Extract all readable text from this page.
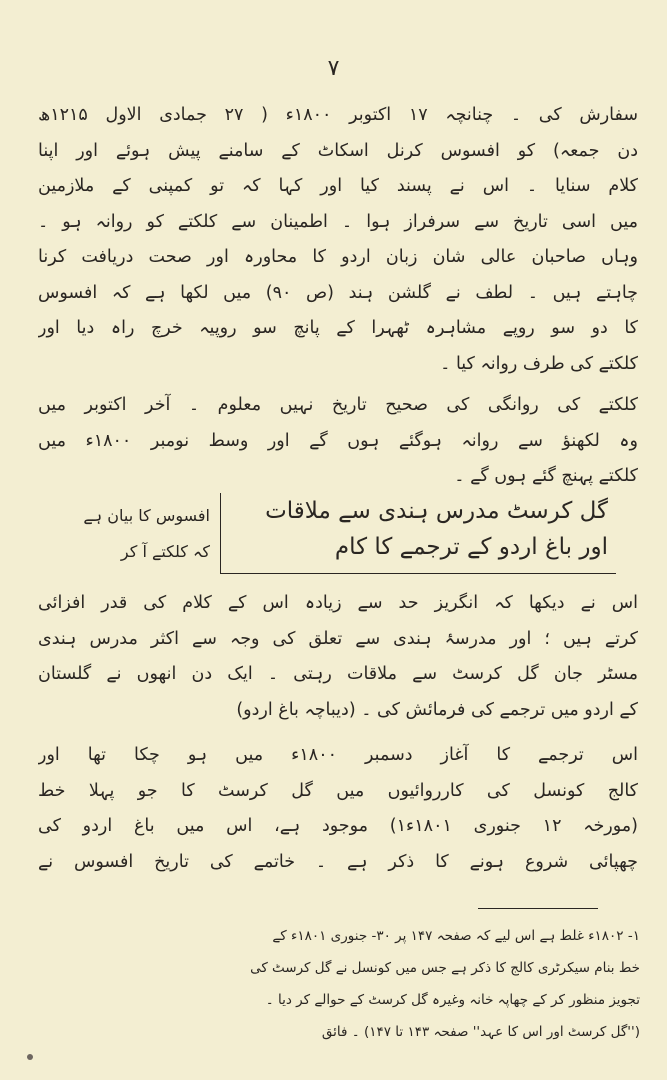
۷
سفارش کی ۔ چنانچہ ۱۷ اکتوبر ۱۸۰۰ء ( ۲۷ جمادی الاول ۱۲۱۵ھ
دن جمعہ) کو افسوس کرنل اسکاٹ کے سامنے پیش ہوئے اور اپنا
کلام سنایا ۔ اس نے پسند کیا اور کہا کہ تو کمپنی کے ملازمین
میں اسی تاریخ سے سرفراز ہوا ۔ اطمینان سے کلکتے کو روانہ ہو ۔
وہاں صاحبان عالی شان زبان اردو کا محاورہ اور صحت دریافت کرنا
چاہتے ہیں ۔ لطف نے گلشن ہند (ص ۹۰) میں لکھا ہے کہ افسوس
کا دو سو روپے مشاہرہ ٹھہرا کے پانچ سو روپیہ خرچ راہ دیا اور
کلکتے کی طرف روانہ کیا ۔
کلکتے کی روانگی کی صحیح تاریخ نہیں معلوم ۔ آخر اکتوبر میں
وہ لکھنؤ سے روانہ ہوگئے ہوں گے اور وسط نومبر ۱۸۰۰ء میں
کلکتے پہنچ گئے ہوں گے ۔
گل کرسٹ مدرس ہندی سے ملاقات
اور باغ اردو کے ترجمے کا کام
افسوس کا بیان ہے
کہ کلکتے آ کر
اس نے دیکھا کہ انگریز حد سے زیادہ اس کے کلام کی قدر افزائی
کرتے ہیں ؛ اور مدرسۂ ہندی سے تعلق کی وجہ سے اکثر مدرس ہندی
مسٹر جان گل کرسٹ سے ملاقات رہتی ۔ ایک دن انھوں نے گلستان
کے اردو میں ترجمے کی فرمائش کی ۔ (دیباچہ باغ اردو)
اس ترجمے کا آغاز دسمبر ۱۸۰۰ء میں ہو چکا تھا اور
کالج کونسل کی کارروائیوں میں گل کرسٹ کا جو پہلا خط
(مورخہ ۱۲ جنوری ۱۸۰۱ء۱) موجود ہے، اس میں باغ اردو کی
چھپائی شروع ہونے کا ذکر ہے ۔ خاتمے کی تاریخ افسوس نے
۱- ۱۸۰۲ء غلط ہے اس لیے کہ صفحہ ۱۴۷ پر ۳۰- جنوری ۱۸۰۱ء کے
خط بنام سیکرٹری کالج کا ذکر ہے جس میں کونسل نے گل کرسٹ کی
تجویز منظور کر کے چھاپہ خانہ وغیرہ گل کرسٹ کے حوالے کر دیا ۔
(''گل کرسٹ اور اس کا عہد'' صفحہ ۱۴۳ تا ۱۴۷) ۔ فائق
